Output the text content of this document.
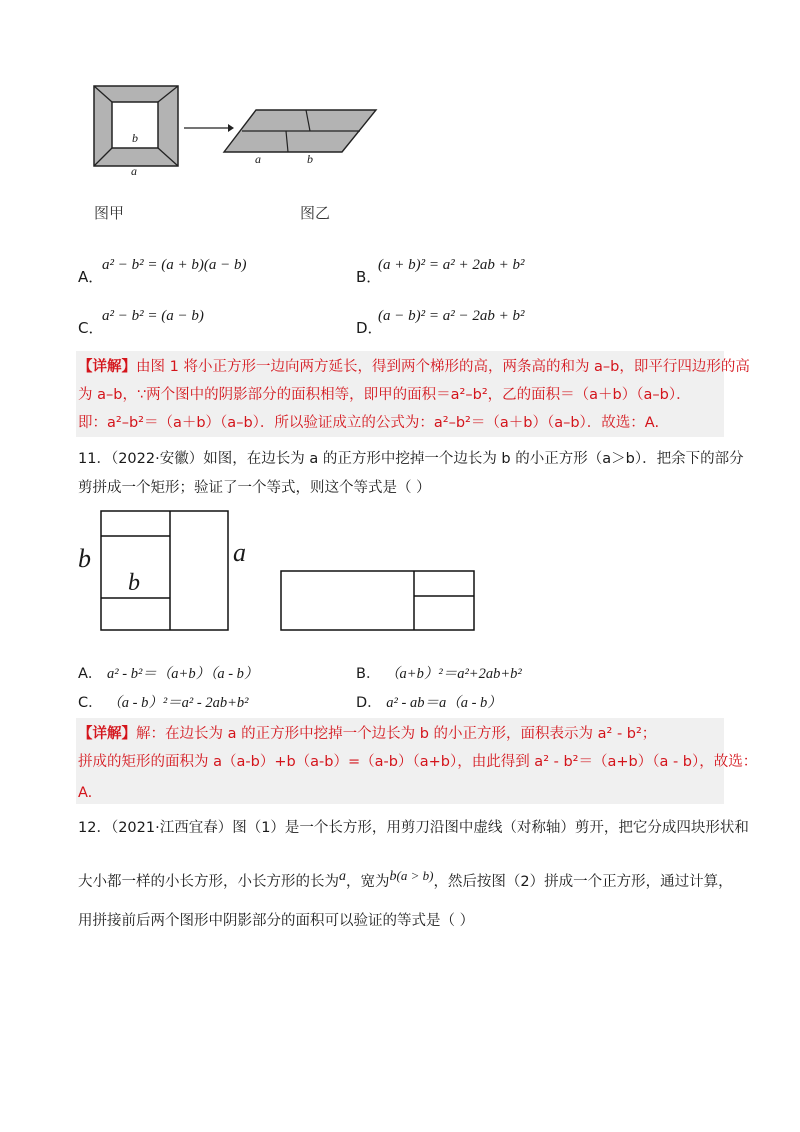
b
a
a	b
图甲	图乙
A．
a² − b² = (a + b)(a − b)
B．
(a + b)² = a² + 2ab + b²
C．
a² − b² = (a − b)
D．
(a − b)² = a² − 2ab + b²
【详解】由图 1 将小正方形一边向两方延长，得到两个梯形的高，两条高的和为 a–b，即平行四边形的高
为 a–b，∵两个图中的阴影部分的面积相等，即甲的面积＝a²–b²，乙的面积＝（a＋b）（a–b）．
即：a²–b²＝（a＋b）（a–b）．所以验证成立的公式为：a²–b²＝（a＋b）（a–b）．故选：A.
11．（2022·安徽）如图，在边长为 a 的正方形中挖掉一个边长为 b 的小正方形（a＞b）．把余下的部分
剪拼成一个矩形；验证了一个等式，则这个等式是（ ）
b
b
a
A． a² - b²＝（a+b）（a - b）	B． （a+b）²＝a²+2ab+b²
C． （a - b）²＝a² - 2ab+b²	D． a² - ab＝a（a - b）
【详解】解：在边长为 a 的正方形中挖掉一个边长为 b 的小正方形，面积表示为 a² - b²；
拼成的矩形的面积为 a（a-b）+b（a-b）=（a-b）（a+b），由此得到 a² - b²＝（a+b）（a - b），故选：
A.
12．（2021·江西宜春）图（1）是一个长方形，用剪刀沿图中虚线（对称轴）剪开，把它分成四块形状和
大小都一样的小长方形，小长方形的长为$^a$，宽为$^{b(a > b)}$，然后按图（2）拼成一个正方形，通过计算，
用拼接前后两个图形中阴影部分的面积可以验证的等式是（ ）
